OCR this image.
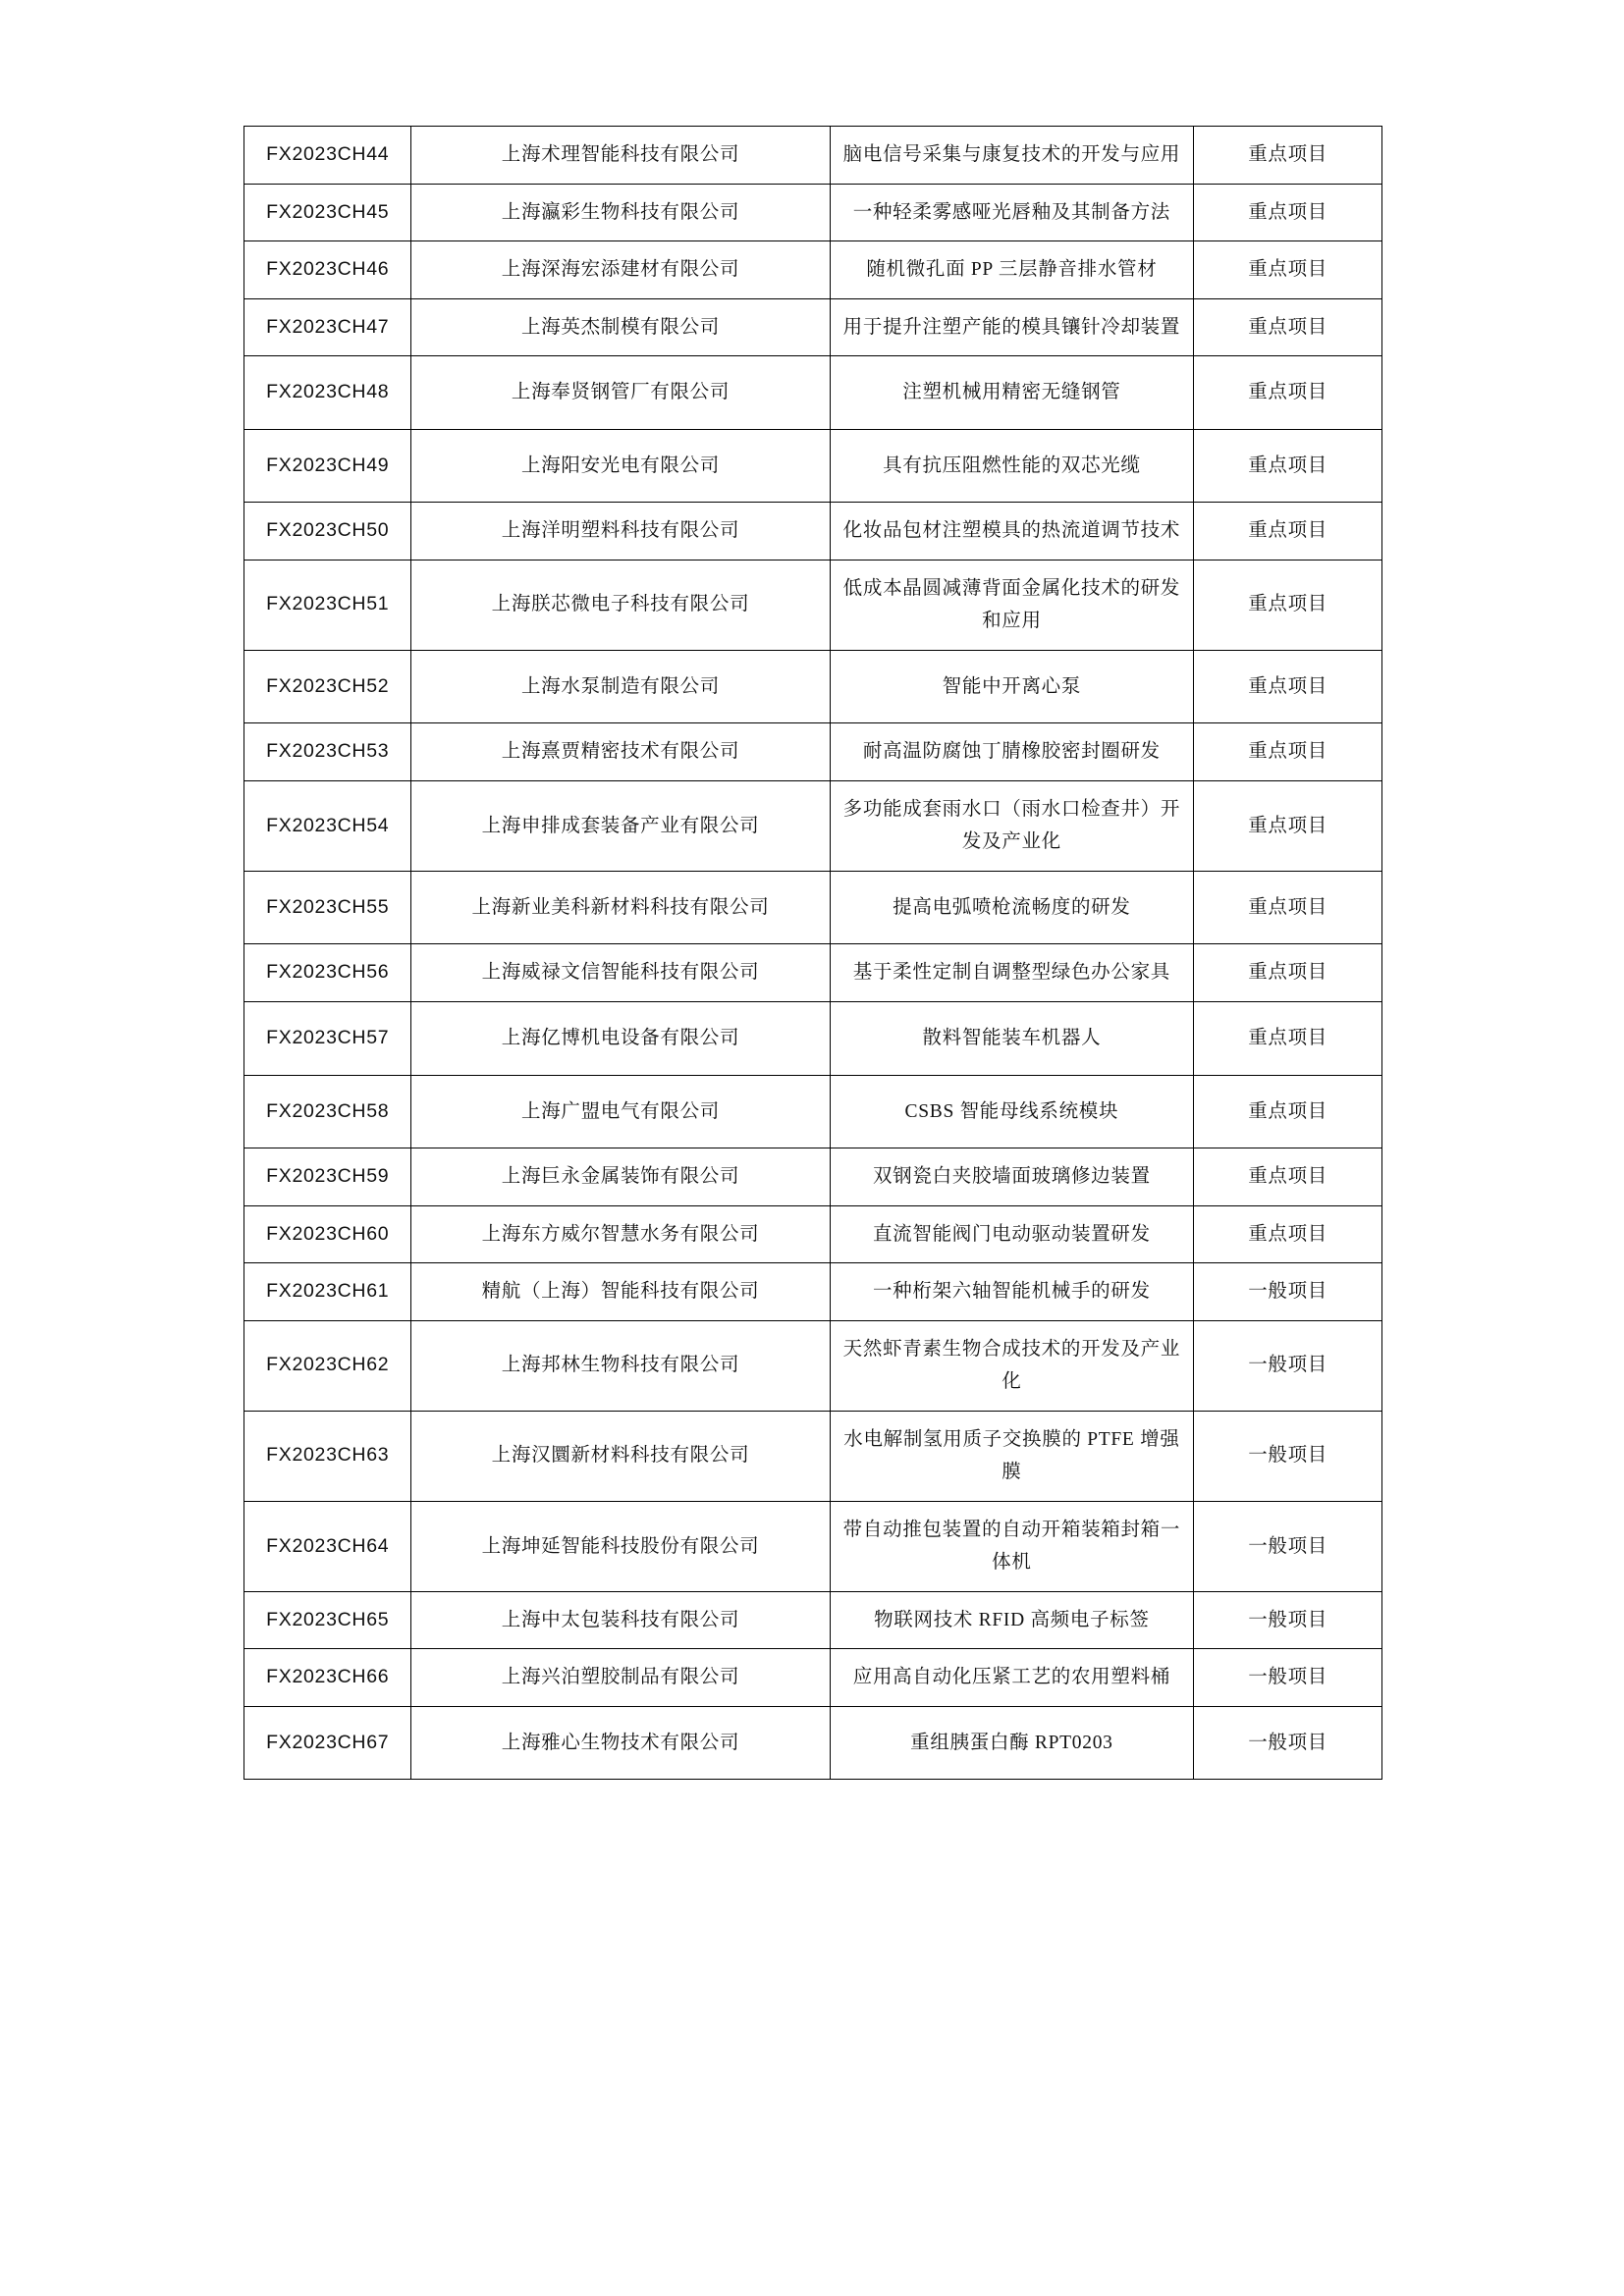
FX2023CH44	上海术理智能科技有限公司	脑电信号采集与康复技术的开发与应用	重点项目
FX2023CH45	上海瀛彩生物科技有限公司	一种轻柔雾感哑光唇釉及其制备方法	重点项目
FX2023CH46	上海深海宏添建材有限公司	随机微孔面 PP 三层静音排水管材	重点项目
FX2023CH47	上海英杰制模有限公司	用于提升注塑产能的模具镶针冷却装置	重点项目
FX2023CH48	上海奉贤钢管厂有限公司	注塑机械用精密无缝钢管	重点项目
FX2023CH49	上海阳安光电有限公司	具有抗压阻燃性能的双芯光缆	重点项目
FX2023CH50	上海洋明塑料科技有限公司	化妆品包材注塑模具的热流道调节技术	重点项目
FX2023CH51	上海朕芯微电子科技有限公司	低成本晶圆减薄背面金属化技术的研发和应用	重点项目
FX2023CH52	上海水泵制造有限公司	智能中开离心泵	重点项目
FX2023CH53	上海熹贾精密技术有限公司	耐高温防腐蚀丁腈橡胶密封圈研发	重点项目
FX2023CH54	上海申排成套装备产业有限公司	多功能成套雨水口（雨水口检查井）开发及产业化	重点项目
FX2023CH55	上海新业美科新材料科技有限公司	提高电弧喷枪流畅度的研发	重点项目
FX2023CH56	上海威禄文信智能科技有限公司	基于柔性定制自调整型绿色办公家具	重点项目
FX2023CH57	上海亿博机电设备有限公司	散料智能装车机器人	重点项目
FX2023CH58	上海广盟电气有限公司	CSBS 智能母线系统模块	重点项目
FX2023CH59	上海巨永金属装饰有限公司	双钢瓷白夹胶墙面玻璃修边装置	重点项目
FX2023CH60	上海东方威尔智慧水务有限公司	直流智能阀门电动驱动装置研发	重点项目
FX2023CH61	精航（上海）智能科技有限公司	一种桁架六轴智能机械手的研发	一般项目
FX2023CH62	上海邦林生物科技有限公司	天然虾青素生物合成技术的开发及产业化	一般项目
FX2023CH63	上海汉圜新材料科技有限公司	水电解制氢用质子交换膜的 PTFE 增强膜	一般项目
FX2023CH64	上海坤延智能科技股份有限公司	带自动推包装置的自动开箱装箱封箱一体机	一般项目
FX2023CH65	上海中太包装科技有限公司	物联网技术 RFID 高频电子标签	一般项目
FX2023CH66	上海兴泊塑胶制品有限公司	应用高自动化压紧工艺的农用塑料桶	一般项目
FX2023CH67	上海雅心生物技术有限公司	重组胰蛋白酶 RPT0203	一般项目
